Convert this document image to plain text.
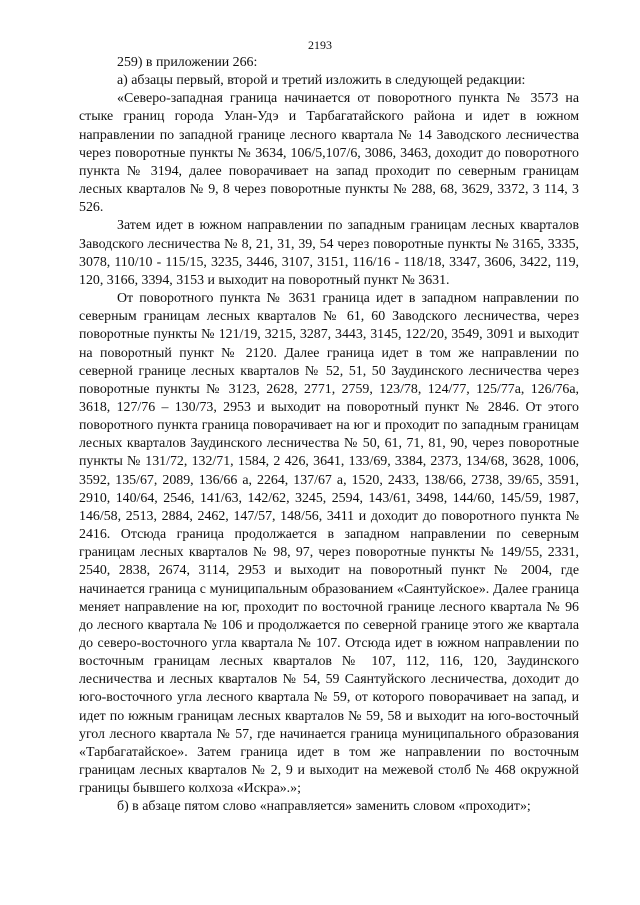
2193

259) в приложении 266:

а) абзацы первый, второй и третий изложить в следующей редакции:

«Северо-западная граница начинается от поворотного пункта № 3573 на стыке границ города Улан-Удэ и Тарбагатайского района и идет в южном направлении по западной границе лесного квартала № 14 Заводского лесничества через поворотные пункты № 3634, 106/5,107/6, 3086, 3463, доходит до поворотного пункта № 3194, далее поворачивает на запад проходит по северным границам лесных кварталов № 9, 8 через поворотные пункты № 288, 68, 3629, 3372, 3 114, 3 526.

Затем идет в южном направлении по западным границам лесных кварталов Заводского лесничества № 8, 21, 31, 39, 54 через поворотные пункты № 3165, 3335, 3078, 110/10 - 115/15, 3235, 3446, 3107, 3151, 116/16 - 118/18, 3347, 3606, 3422, 119, 120, 3166, 3394, 3153 и выходит на поворотный пункт № 3631.

От поворотного пункта № 3631 граница идет в западном направлении по северным границам лесных кварталов № 61, 60 Заводского лесничества, через поворотные пункты № 121/19, 3215, 3287, 3443, 3145, 122/20, 3549, 3091 и выходит на поворотный пункт № 2120. Далее граница идет в том же направлении по северной границе лесных кварталов № 52, 51, 50 Заудинского лесничества через поворотные пункты № 3123, 2628, 2771, 2759, 123/78, 124/77, 125/77а, 126/76а, 3618, 127/76 – 130/73, 2953 и выходит на поворотный пункт № 2846. От этого поворотного пункта граница поворачивает на юг и проходит по западным границам лесных кварталов Заудинского лесничества № 50, 61, 71, 81, 90, через поворотные пункты № 131/72, 132/71, 1584, 2 426, 3641, 133/69, 3384, 2373, 134/68, 3628, 1006, 3592, 135/67, 2089, 136/66 а, 2264, 137/67 а, 1520, 2433, 138/66, 2738, 39/65, 3591, 2910, 140/64, 2546, 141/63, 142/62, 3245, 2594, 143/61, 3498, 144/60, 145/59, 1987, 146/58, 2513, 2884, 2462, 147/57, 148/56, 3411 и доходит до поворотного пункта № 2416. Отсюда граница продолжается в западном направлении по северным границам лесных кварталов № 98, 97, через поворотные пункты № 149/55, 2331, 2540, 2838, 2674, 3114, 2953 и выходит на поворотный пункт № 2004, где начинается граница с муниципальным образованием «Саянтуйское». Далее граница меняет направление на юг, проходит по восточной границе лесного квартала № 96 до лесного квартала № 106 и продолжается по северной границе этого же квартала до северо-восточного угла квартала № 107. Отсюда идет в южном направлении по восточным границам лесных кварталов № 107, 112, 116, 120, Заудинского лесничества и лесных кварталов № 54, 59 Саянтуйского лесничества, доходит до юго-восточного угла лесного квартала № 59, от которого поворачивает на запад, и идет по южным границам лесных кварталов № 59, 58 и выходит на юго-восточный угол лесного квартала № 57, где начинается граница муниципального образования «Тарбагатайское». Затем граница идет в том же направлении по восточным границам лесных кварталов № 2, 9 и выходит на межевой столб № 468 окружной границы бывшего колхоза «Искра».»;

б) в абзаце пятом слово «направляется» заменить словом «проходит»;
